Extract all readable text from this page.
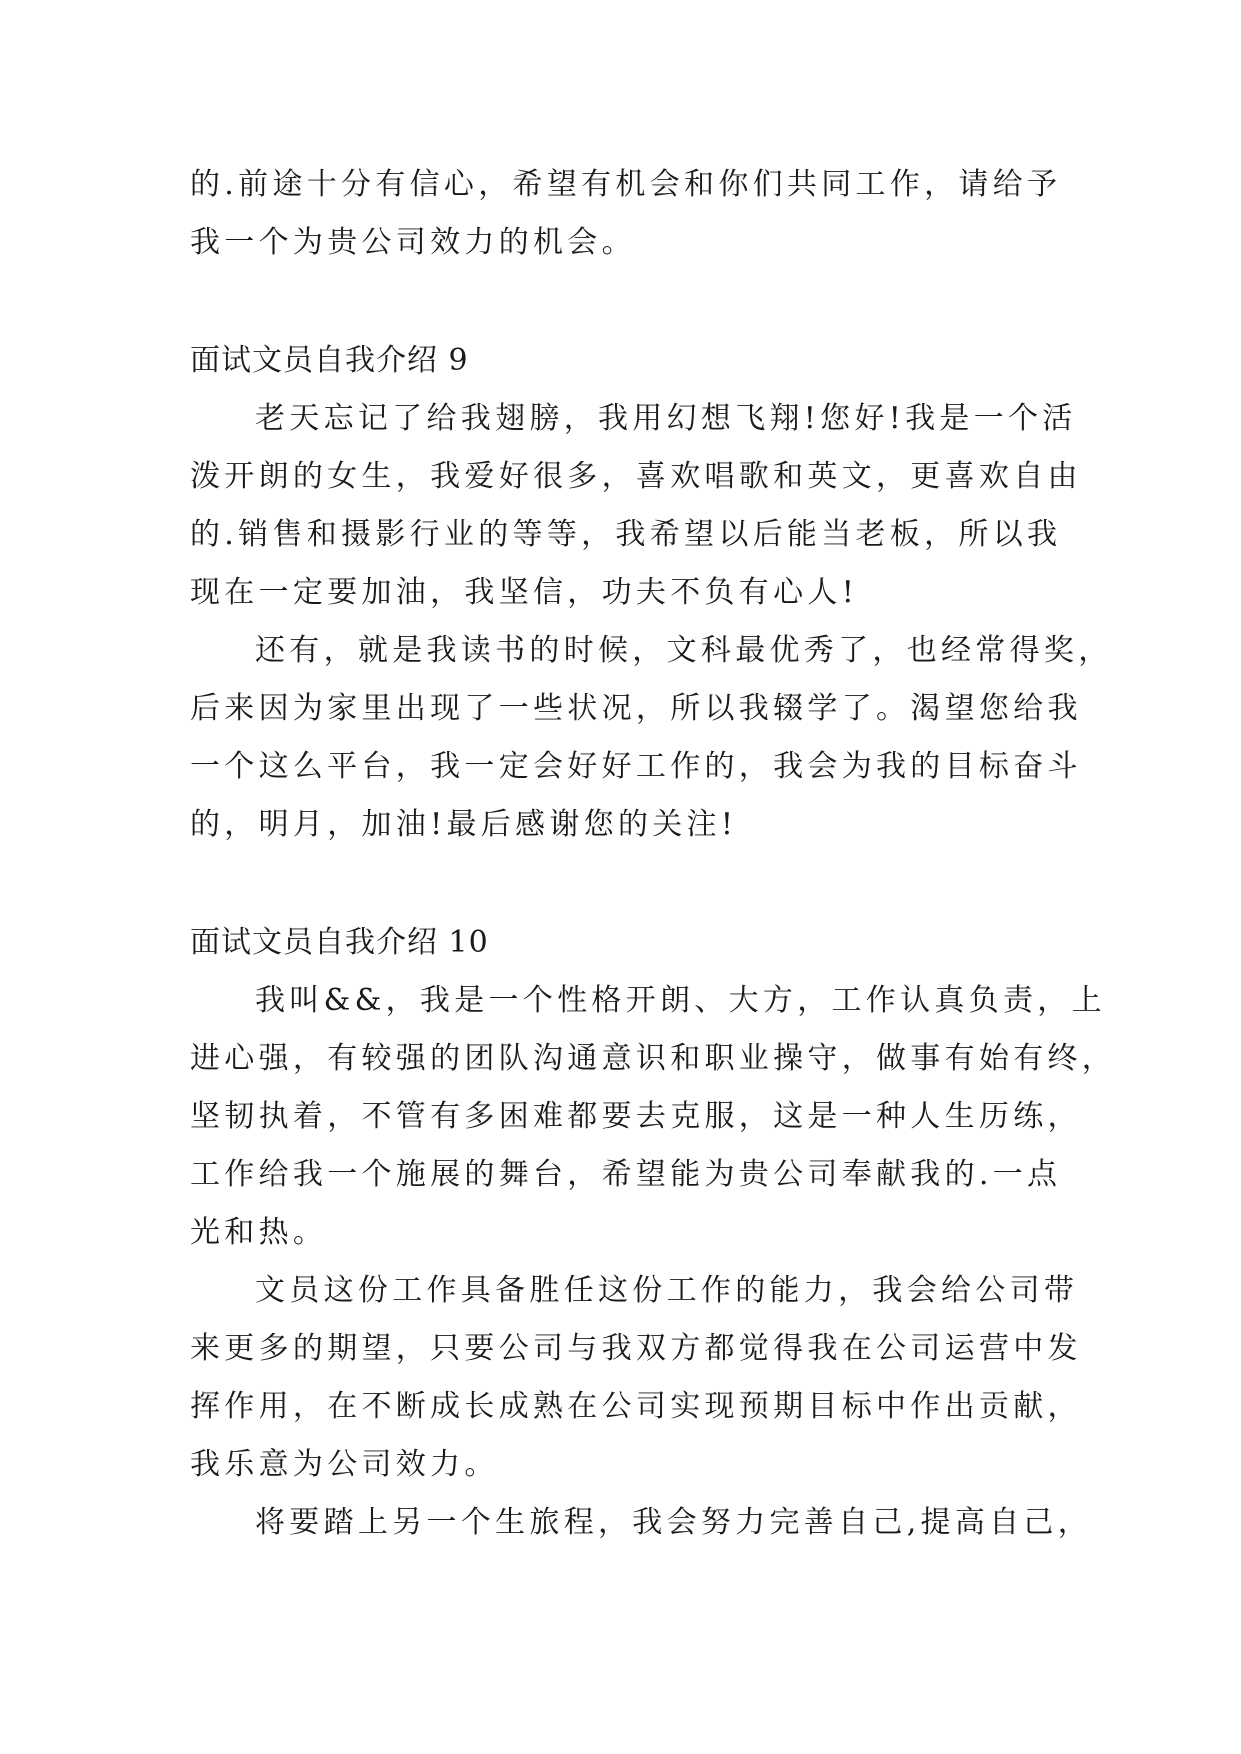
的.前途十分有信心，希望有机会和你们共同工作，请给予
我一个为贵公司效力的机会。
面试文员自我介绍 9
老天忘记了给我翅膀，我用幻想飞翔!您好!我是一个活
泼开朗的女生，我爱好很多，喜欢唱歌和英文，更喜欢自由
的.销售和摄影行业的等等，我希望以后能当老板，所以我
现在一定要加油，我坚信，功夫不负有心人!
还有，就是我读书的时候，文科最优秀了，也经常得奖，
后来因为家里出现了一些状况，所以我辍学了。渴望您给我
一个这么平台，我一定会好好工作的，我会为我的目标奋斗
的，明月，加油!最后感谢您的关注!
面试文员自我介绍 10
我叫&&，我是一个性格开朗、大方，工作认真负责，上
进心强，有较强的团队沟通意识和职业操守，做事有始有终，
坚韧执着，不管有多困难都要去克服，这是一种人生历练，
工作给我一个施展的舞台，希望能为贵公司奉献我的.一点
光和热。
文员这份工作具备胜任这份工作的能力，我会给公司带
来更多的期望，只要公司与我双方都觉得我在公司运营中发
挥作用，在不断成长成熟在公司实现预期目标中作出贡献，
我乐意为公司效力。
将要踏上另一个生旅程，我会努力完善自己,提高自己，
